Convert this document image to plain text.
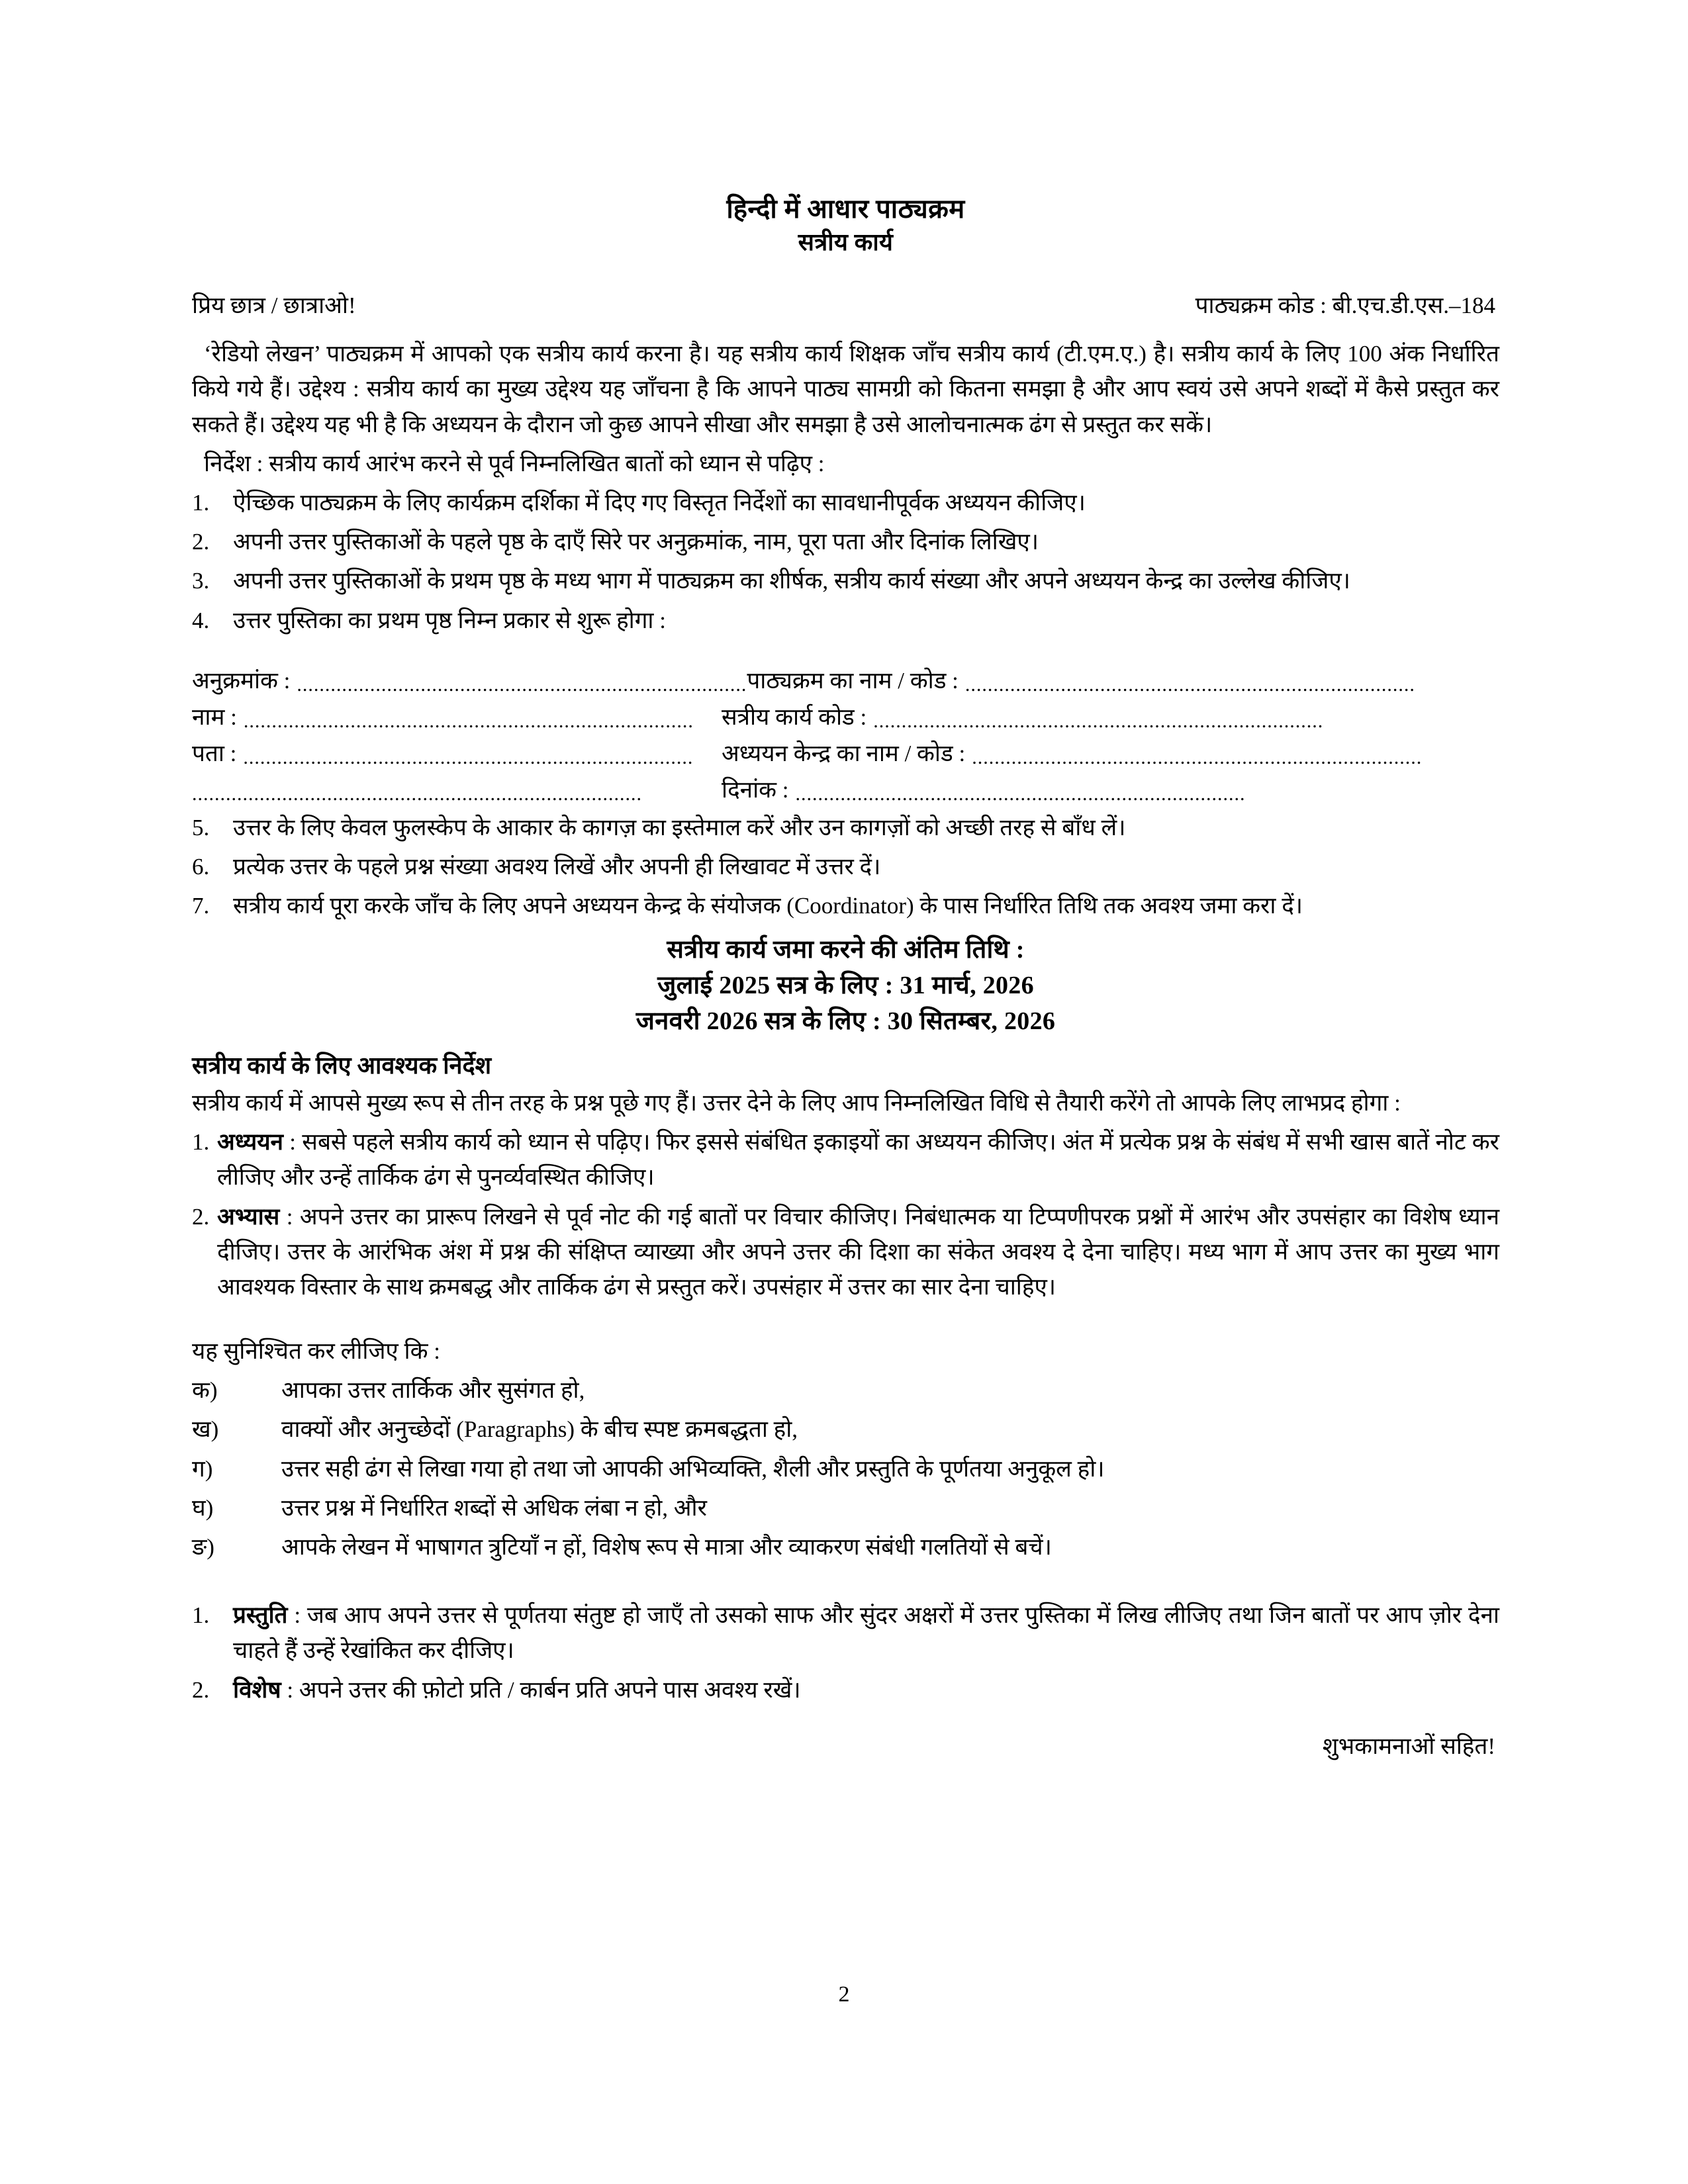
हिन्दी में आधार पाठ्यक्रम
सत्रीय कार्य
प्रिय छात्र / छात्राओ!	पाठ्यक्रम कोड : बी.एच.डी.एस.–184
‘रेडियो लेखन’ पाठ्यक्रम में आपको एक सत्रीय कार्य करना है। यह सत्रीय कार्य शिक्षक जाँच सत्रीय कार्य (टी.एम.ए.) है। सत्रीय कार्य के लिए 100 अंक निर्धारित किये गये हैं। उद्देश्य : सत्रीय कार्य का मुख्य उद्देश्य यह जाँचना है कि आपने पाठ्य सामग्री को कितना समझा है और आप स्वयं उसे अपने शब्दों में कैसे प्रस्तुत कर सकते हैं। उद्देश्य यह भी है कि अध्ययन के दौरान जो कुछ आपने सीखा और समझा है उसे आलोचनात्मक ढंग से प्रस्तुत कर सकें।
निर्देश : सत्रीय कार्य आरंभ करने से पूर्व निम्नलिखित बातों को ध्यान से पढ़िए :
1.	ऐच्छिक पाठ्यक्रम के लिए कार्यक्रम दर्शिका में दिए गए विस्तृत निर्देशों का सावधानीपूर्वक अध्ययन कीजिए।
2.	अपनी उत्तर पुस्तिकाओं के पहले पृष्ठ के दाएँ सिरे पर अनुक्रमांक, नाम, पूरा पता और दिनांक लिखिए।
3.	अपनी उत्तर पुस्तिकाओं के प्रथम पृष्ठ के मध्य भाग में पाठ्यक्रम का शीर्षक, सत्रीय कार्य संख्या और अपने अध्ययन केन्द्र का उल्लेख कीजिए।
4.	उत्तर पुस्तिका का प्रथम पृष्ठ निम्न प्रकार से शुरू होगा :
अनुक्रमांक : ................................................................................ पाठ्यक्रम का नाम / कोड : ................................................................................
नाम : ................................................................................	सत्रीय कार्य कोड : ................................................................................
पता : ................................................................................	अध्ययन केन्द्र का नाम / कोड : ................................................................................
................................................................................	दिनांक : ................................................................................
5.	उत्तर के लिए केवल फुलस्केप के आकार के कागज़ का इस्तेमाल करें और उन कागज़ों को अच्छी तरह से बाँध लें।
6.	प्रत्येक उत्तर के पहले प्रश्न संख्या अवश्य लिखें और अपनी ही लिखावट में उत्तर दें।
7.	सत्रीय कार्य पूरा करके जाँच के लिए अपने अध्ययन केन्द्र के संयोजक (Coordinator) के पास निर्धारित तिथि तक अवश्य जमा करा दें।
सत्रीय कार्य जमा करने की अंतिम तिथि :
जुलाई 2025 सत्र के लिए : 31 मार्च, 2026
जनवरी 2026 सत्र के लिए : 30 सितम्बर, 2026
सत्रीय कार्य के लिए आवश्यक निर्देश
सत्रीय कार्य में आपसे मुख्य रूप से तीन तरह के प्रश्न पूछे गए हैं। उत्तर देने के लिए आप निम्नलिखित विधि से तैयारी करेंगे तो आपके लिए लाभप्रद होगा :
1. अध्ययन : सबसे पहले सत्रीय कार्य को ध्यान से पढ़िए। फिर इससे संबंधित इकाइयों का अध्ययन कीजिए। अंत में प्रत्येक प्रश्न के संबंध में सभी खास बातें नोट कर लीजिए और उन्हें तार्किक ढंग से पुनर्व्यवस्थित कीजिए।
2. अभ्यास : अपने उत्तर का प्रारूप लिखने से पूर्व नोट की गई बातों पर विचार कीजिए। निबंधात्मक या टिप्पणीपरक प्रश्नों में आरंभ और उपसंहार का विशेष ध्यान दीजिए। उत्तर के आरंभिक अंश में प्रश्न की संक्षिप्त व्याख्या और अपने उत्तर की दिशा का संकेत अवश्य दे देना चाहिए। मध्य भाग में आप उत्तर का मुख्य भाग आवश्यक विस्तार के साथ क्रमबद्ध और तार्किक ढंग से प्रस्तुत करें। उपसंहार में उत्तर का सार देना चाहिए।
यह सुनिश्चित कर लीजिए कि :
क)	आपका उत्तर तार्किक और सुसंगत हो,
ख)	वाक्यों और अनुच्छेदों (Paragraphs) के बीच स्पष्ट क्रमबद्धता हो,
ग)	उत्तर सही ढंग से लिखा गया हो तथा जो आपकी अभिव्यक्ति, शैली और प्रस्तुति के पूर्णतया अनुकूल हो।
घ)	उत्तर प्रश्न में निर्धारित शब्दों से अधिक लंबा न हो, और
ङ)	आपके लेखन में भाषागत त्रुटियाँ न हों, विशेष रूप से मात्रा और व्याकरण संबंधी गलतियों से बचें।
1.	प्रस्तुति : जब आप अपने उत्तर से पूर्णतया संतुष्ट हो जाएँ तो उसको साफ और सुंदर अक्षरों में उत्तर पुस्तिका में लिख लीजिए तथा जिन बातों पर आप ज़ोर देना चाहते हैं उन्हें रेखांकित कर दीजिए।
2.	विशेष : अपने उत्तर की फ़ोटो प्रति / कार्बन प्रति अपने पास अवश्य रखें।
शुभकामनाओं सहित!
2
